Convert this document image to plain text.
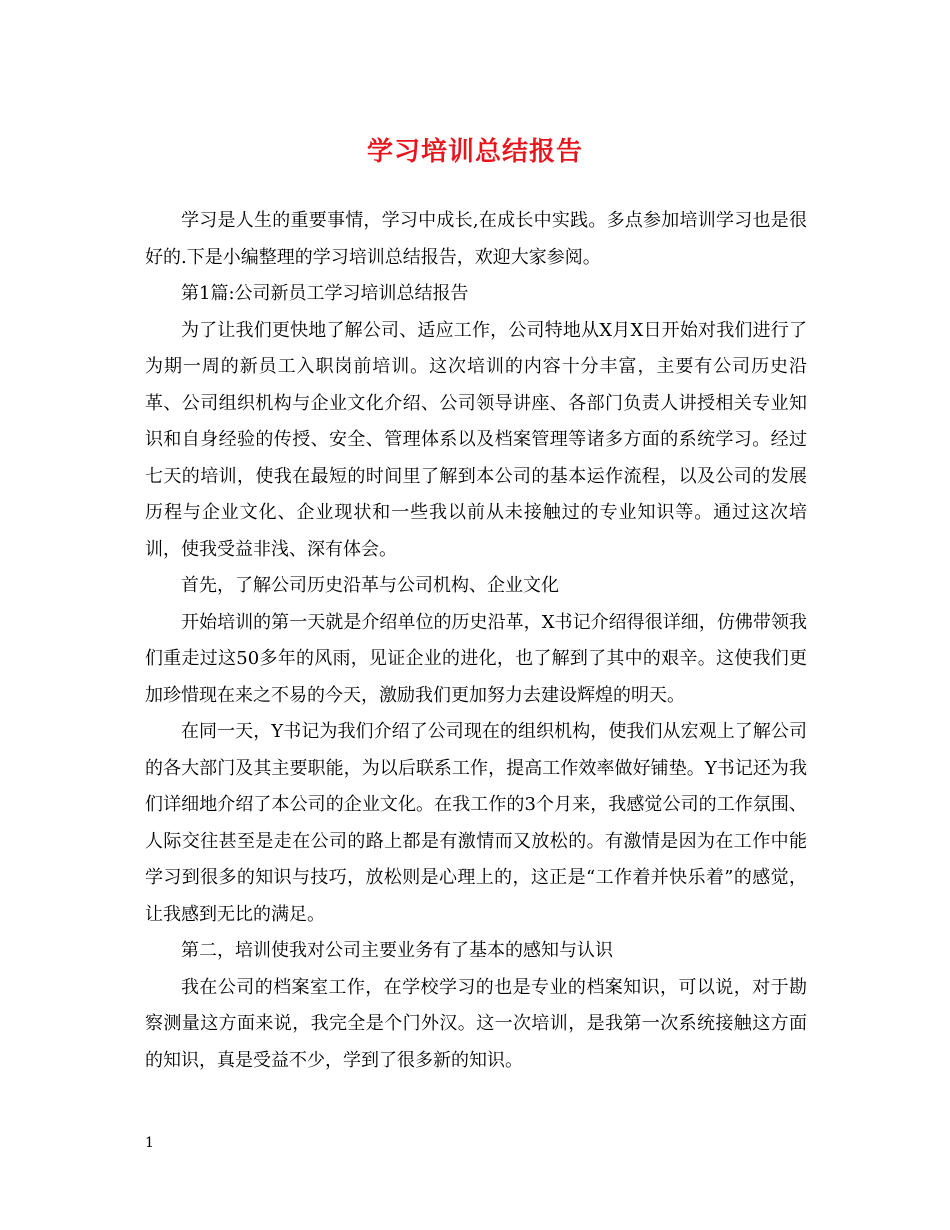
学习培训总结报告

学习是人生的重要事情，学习中成长,在成长中实践。多点参加培训学习也是很好的.下是小编整理的学习培训总结报告，欢迎大家参阅。

第1篇:公司新员工学习培训总结报告

为了让我们更快地了解公司、适应工作，公司特地从X月X日开始对我们进行了为期一周的新员工入职岗前培训。这次培训的内容十分丰富，主要有公司历史沿革、公司组织机构与企业文化介绍、公司领导讲座、各部门负责人讲授相关专业知识和自身经验的传授、安全、管理体系以及档案管理等诸多方面的系统学习。经过七天的培训，使我在最短的时间里了解到本公司的基本运作流程，以及公司的发展历程与企业文化、企业现状和一些我以前从未接触过的专业知识等。通过这次培训，使我受益非浅、深有体会。

首先，了解公司历史沿革与公司机构、企业文化

开始培训的第一天就是介绍单位的历史沿革，X书记介绍得很详细，仿佛带领我们重走过这50多年的风雨，见证企业的进化，也了解到了其中的艰辛。这使我们更加珍惜现在来之不易的今天，激励我们更加努力去建设辉煌的明天。

在同一天，Y书记为我们介绍了公司现在的组织机构，使我们从宏观上了解公司的各大部门及其主要职能，为以后联系工作，提高工作效率做好铺垫。Y书记还为我们详细地介绍了本公司的企业文化。在我工作的3个月来，我感觉公司的工作氛围、人际交往甚至是走在公司的路上都是有激情而又放松的。有激情是因为在工作中能学习到很多的知识与技巧，放松则是心理上的，这正是“工作着并快乐着”的感觉，让我感到无比的满足。

第二，培训使我对公司主要业务有了基本的感知与认识

我在公司的档案室工作，在学校学习的也是专业的档案知识，可以说，对于勘察测量这方面来说，我完全是个门外汉。这一次培训，是我第一次系统接触这方面的知识，真是受益不少，学到了很多新的知识。

1
